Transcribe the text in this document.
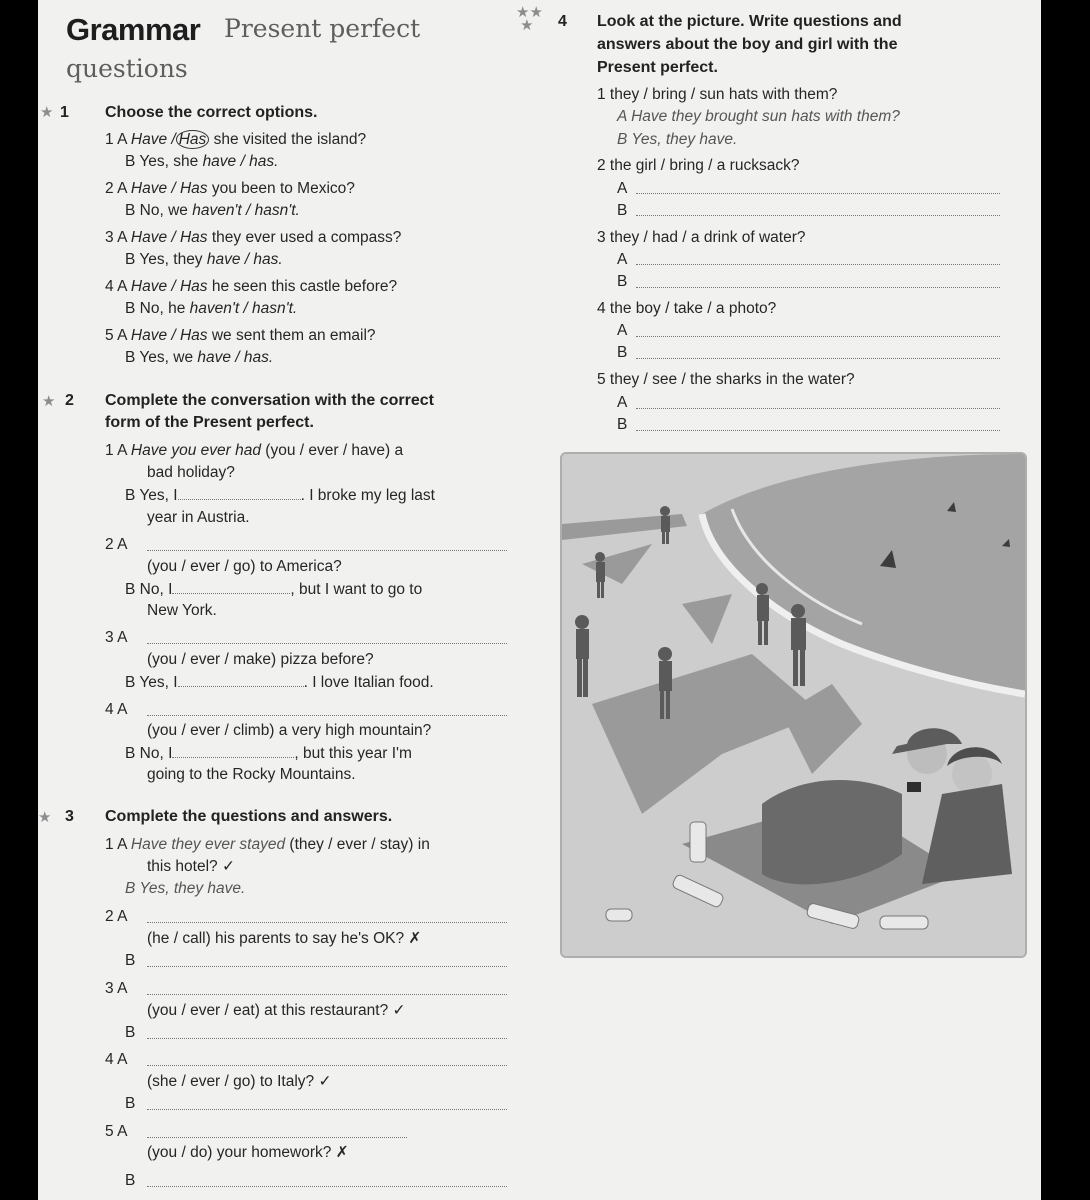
Grammar Present perfect
questions
★ 1 Choose the correct options.
1 A Have / Has she visited the island?
B Yes, she have / has.
2 A Have / Has you been to Mexico?
B No, we haven't / hasn't.
3 A Have / Has they ever used a compass?
B Yes, they have / has.
4 A Have / Has he seen this castle before?
B No, he haven't / hasn't.
5 A Have / Has we sent them an email?
B Yes, we have / has.
★ 2 Complete the conversation with the correct
form of the Present perfect.
1 A Have you ever had (you / ever / have) a
bad holiday?
B Yes, I	. I broke my leg last
year in Austria.
2 A
(you / ever / go) to America?
B No, I	, but I want to go to
New York.
3 A
(you / ever / make) pizza before?
B Yes, I	. I love Italian food.
4 A
(you / ever / climb) a very high mountain?
B No, I	, but this year I'm
going to the Rocky Mountains.
★ 3 Complete the questions and answers.
1 A Have they ever stayed (they / ever / stay) in
this hotel? ✓
B Yes, they have.
2 A
(he / call) his parents to say he's OK? ✗
B
3 A
(you / ever / eat) at this restaurant? ✓
B
4 A
(she / ever / go) to Italy? ✓
B
5 A
(you / do) your homework? ✗
B
★★
★	4 Look at the picture. Write questions and
answers about the boy and girl with the
Present perfect.
1 they / bring / sun hats with them?
A Have they brought sun hats with them?
B Yes, they have.
2 the girl / bring / a rucksack?
A
B
3 they / had / a drink of water?
A
B
4 the boy / take / a photo?
A
B
5 they / see / the sharks in the water?
A
B
